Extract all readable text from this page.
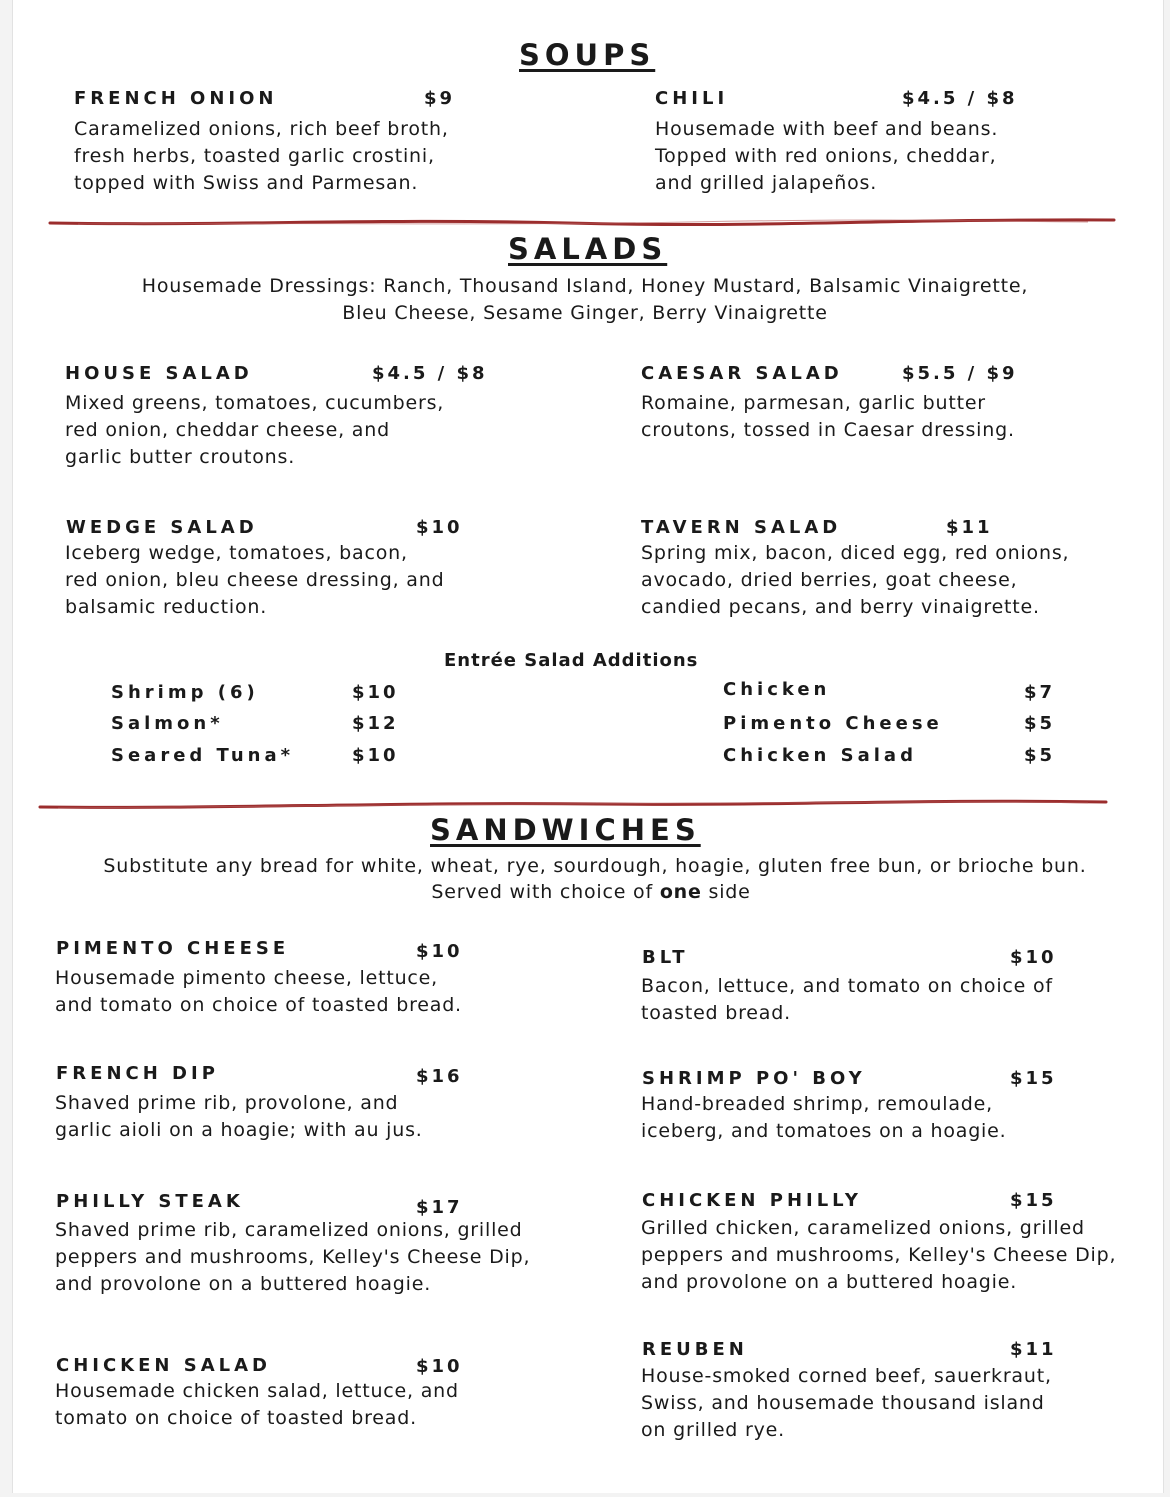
SOUPS
FRENCH ONION	$9
Caramelized onions, rich beef broth,
fresh herbs, toasted garlic crostini,
topped with Swiss and Parmesan.
CHILI	$4.5 / $8
Housemade with beef and beans.
Topped with red onions, cheddar,
and grilled jalapeños.
SALADS
Housemade Dressings: Ranch, Thousand Island, Honey Mustard, Balsamic Vinaigrette,
Bleu Cheese, Sesame Ginger, Berry Vinaigrette
HOUSE SALAD	$4.5 / $8
Mixed greens, tomatoes, cucumbers,
red onion, cheddar cheese, and
garlic butter croutons.
CAESAR SALAD	$5.5 / $9
Romaine, parmesan, garlic butter
croutons, tossed in Caesar dressing.
WEDGE SALAD	$10
Iceberg wedge, tomatoes, bacon,
red onion, bleu cheese dressing, and
balsamic reduction.
TAVERN SALAD	$11
Spring mix, bacon, diced egg, red onions,
avocado, dried berries, goat cheese,
candied pecans, and berry vinaigrette.
Entrée Salad Additions
Shrimp (6)	$10
Salmon*	$12
Seared Tuna*	$10
Chicken	$7
Pimento Cheese	$5
Chicken Salad	$5
SANDWICHES
Substitute any bread for white, wheat, rye, sourdough, hoagie, gluten free bun, or brioche bun.
Served with choice of one side
PIMENTO CHEESE	$10
Housemade pimento cheese, lettuce,
and tomato on choice of toasted bread.
BLT	$10
Bacon, lettuce, and tomato on choice of
toasted bread.
FRENCH DIP	$16
Shaved prime rib, provolone, and
garlic aioli on a hoagie; with au jus.
SHRIMP PO' BOY	$15
Hand-breaded shrimp, remoulade,
iceberg, and tomatoes on a hoagie.
PHILLY STEAK	$17
Shaved prime rib, caramelized onions, grilled
peppers and mushrooms, Kelley's Cheese Dip,
and provolone on a buttered hoagie.
CHICKEN PHILLY	$15
Grilled chicken, caramelized onions, grilled
peppers and mushrooms, Kelley's Cheese Dip,
and provolone on a buttered hoagie.
CHICKEN SALAD	$10
Housemade chicken salad, lettuce, and
tomato on choice of toasted bread.
REUBEN	$11
House-smoked corned beef, sauerkraut,
Swiss, and housemade thousand island
on grilled rye.
